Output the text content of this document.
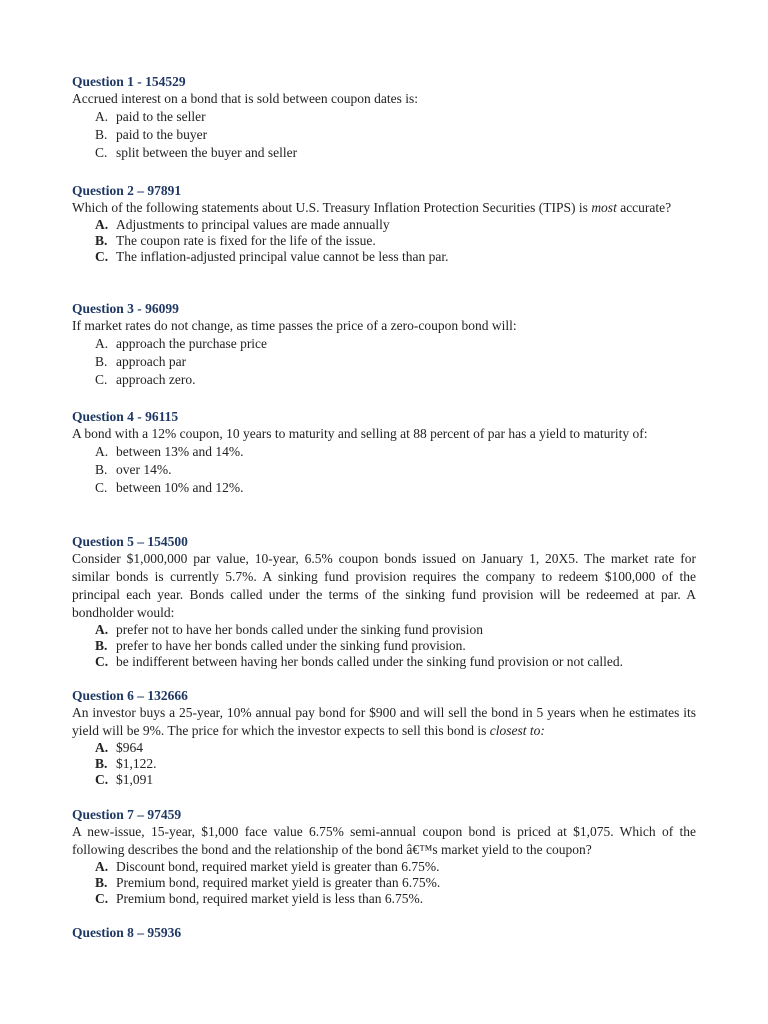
Question 1 - 154529

Accrued interest on a bond that is sold between coupon dates is:

A. paid to the seller
B. paid to the buyer
C. split between the buyer and seller

Question 2 – 97891

Which of the following statements about U.S. Treasury Inflation Protection Securities (TIPS) is most accurate?

A. Adjustments to principal values are made annually
B. The coupon rate is fixed for the life of the issue.
C. The inflation-adjusted principal value cannot be less than par.

Question 3 - 96099

If market rates do not change, as time passes the price of a zero-coupon bond will:

A. approach the purchase price
B. approach par
C. approach zero.

Question 4 - 96115

A bond with a 12% coupon, 10 years to maturity and selling at 88 percent of par has a yield to maturity of:

A. between 13% and 14%.
B. over 14%.
C. between 10% and 12%.

Question 5 – 154500

Consider $1,000,000 par value, 10-year, 6.5% coupon bonds issued on January 1, 20X5. The market rate for similar bonds is currently 5.7%. A sinking fund provision requires the company to redeem $100,000 of the principal each year. Bonds called under the terms of the sinking fund provision will be redeemed at par. A bondholder would:

A. prefer not to have her bonds called under the sinking fund provision
B. prefer to have her bonds called under the sinking fund provision.
C. be indifferent between having her bonds called under the sinking fund provision or not called.

Question 6 – 132666

An investor buys a 25-year, 10% annual pay bond for $900 and will sell the bond in 5 years when he estimates its yield will be 9%. The price for which the investor expects to sell this bond is closest to:

A. $964
B. $1,122.
C. $1,091

Question 7 – 97459

A new-issue, 15-year, $1,000 face value 6.75% semi-annual coupon bond is priced at $1,075. Which of the following describes the bond and the relationship of the bond â€™s market yield to the coupon?

A. Discount bond, required market yield is greater than 6.75%.
B. Premium bond, required market yield is greater than 6.75%.
C. Premium bond, required market yield is less than 6.75%.

Question 8 – 95936
